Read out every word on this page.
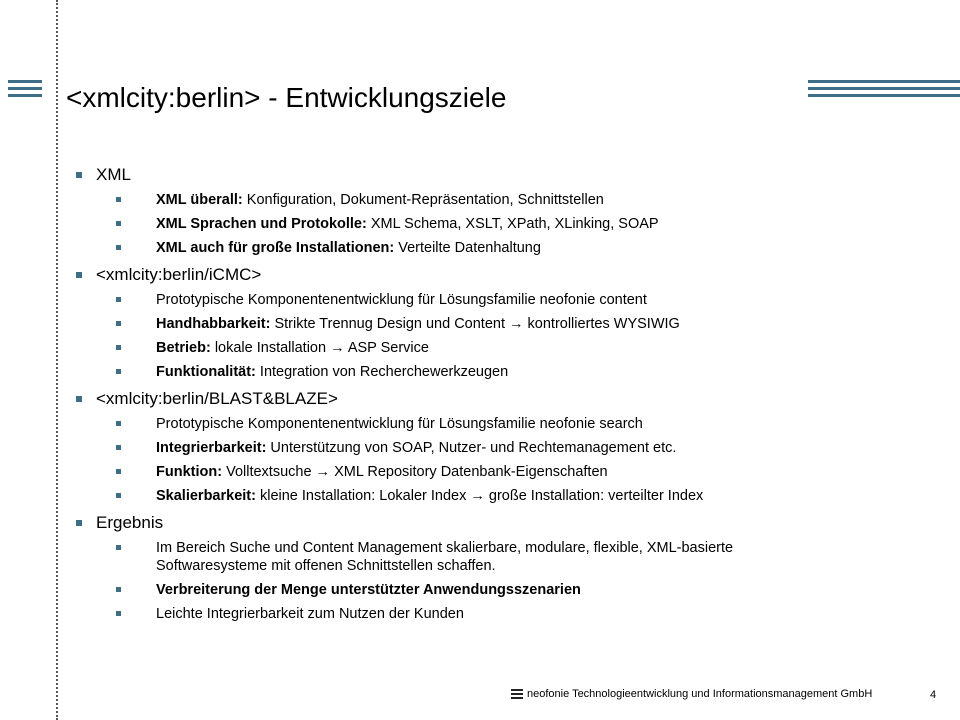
<xmlcity:berlin> - Entwicklungsziele
XML
XML überall: Konfiguration, Dokument-Repräsentation, Schnittstellen
XML Sprachen und Protokolle: XML Schema, XSLT, XPath, XLinking, SOAP
XML auch für große Installationen: Verteilte Datenhaltung
<xmlcity:berlin/iCMC>
Prototypische Komponentenentwicklung für Lösungsfamilie neofonie content
Handhabbarkeit: Strikte Trennug Design und Content → kontrolliertes WYSIWIG
Betrieb: lokale Installation → ASP Service
Funktionalität: Integration von Recherchewerkzeugen
<xmlcity:berlin/BLAST&BLAZE>
Prototypische Komponentenentwicklung für Lösungsfamilie neofonie search
Integrierbarkeit: Unterstützung von SOAP, Nutzer- und Rechtemanagement etc.
Funktion: Volltextsuche → XML Repository Datenbank-Eigenschaften
Skalierbarkeit: kleine Installation: Lokaler Index → große Installation: verteilter Index
Ergebnis
Im Bereich Suche und Content Management skalierbare, modulare, flexible, XML-basierte Softwaresysteme mit offenen Schnittstellen schaffen.
Verbreiterung der Menge unterstützter Anwendungsszenarien
Leichte Integrierbarkeit zum Nutzen der Kunden
neofonie Technologieentwicklung und Informationsmanagement GmbH	4
